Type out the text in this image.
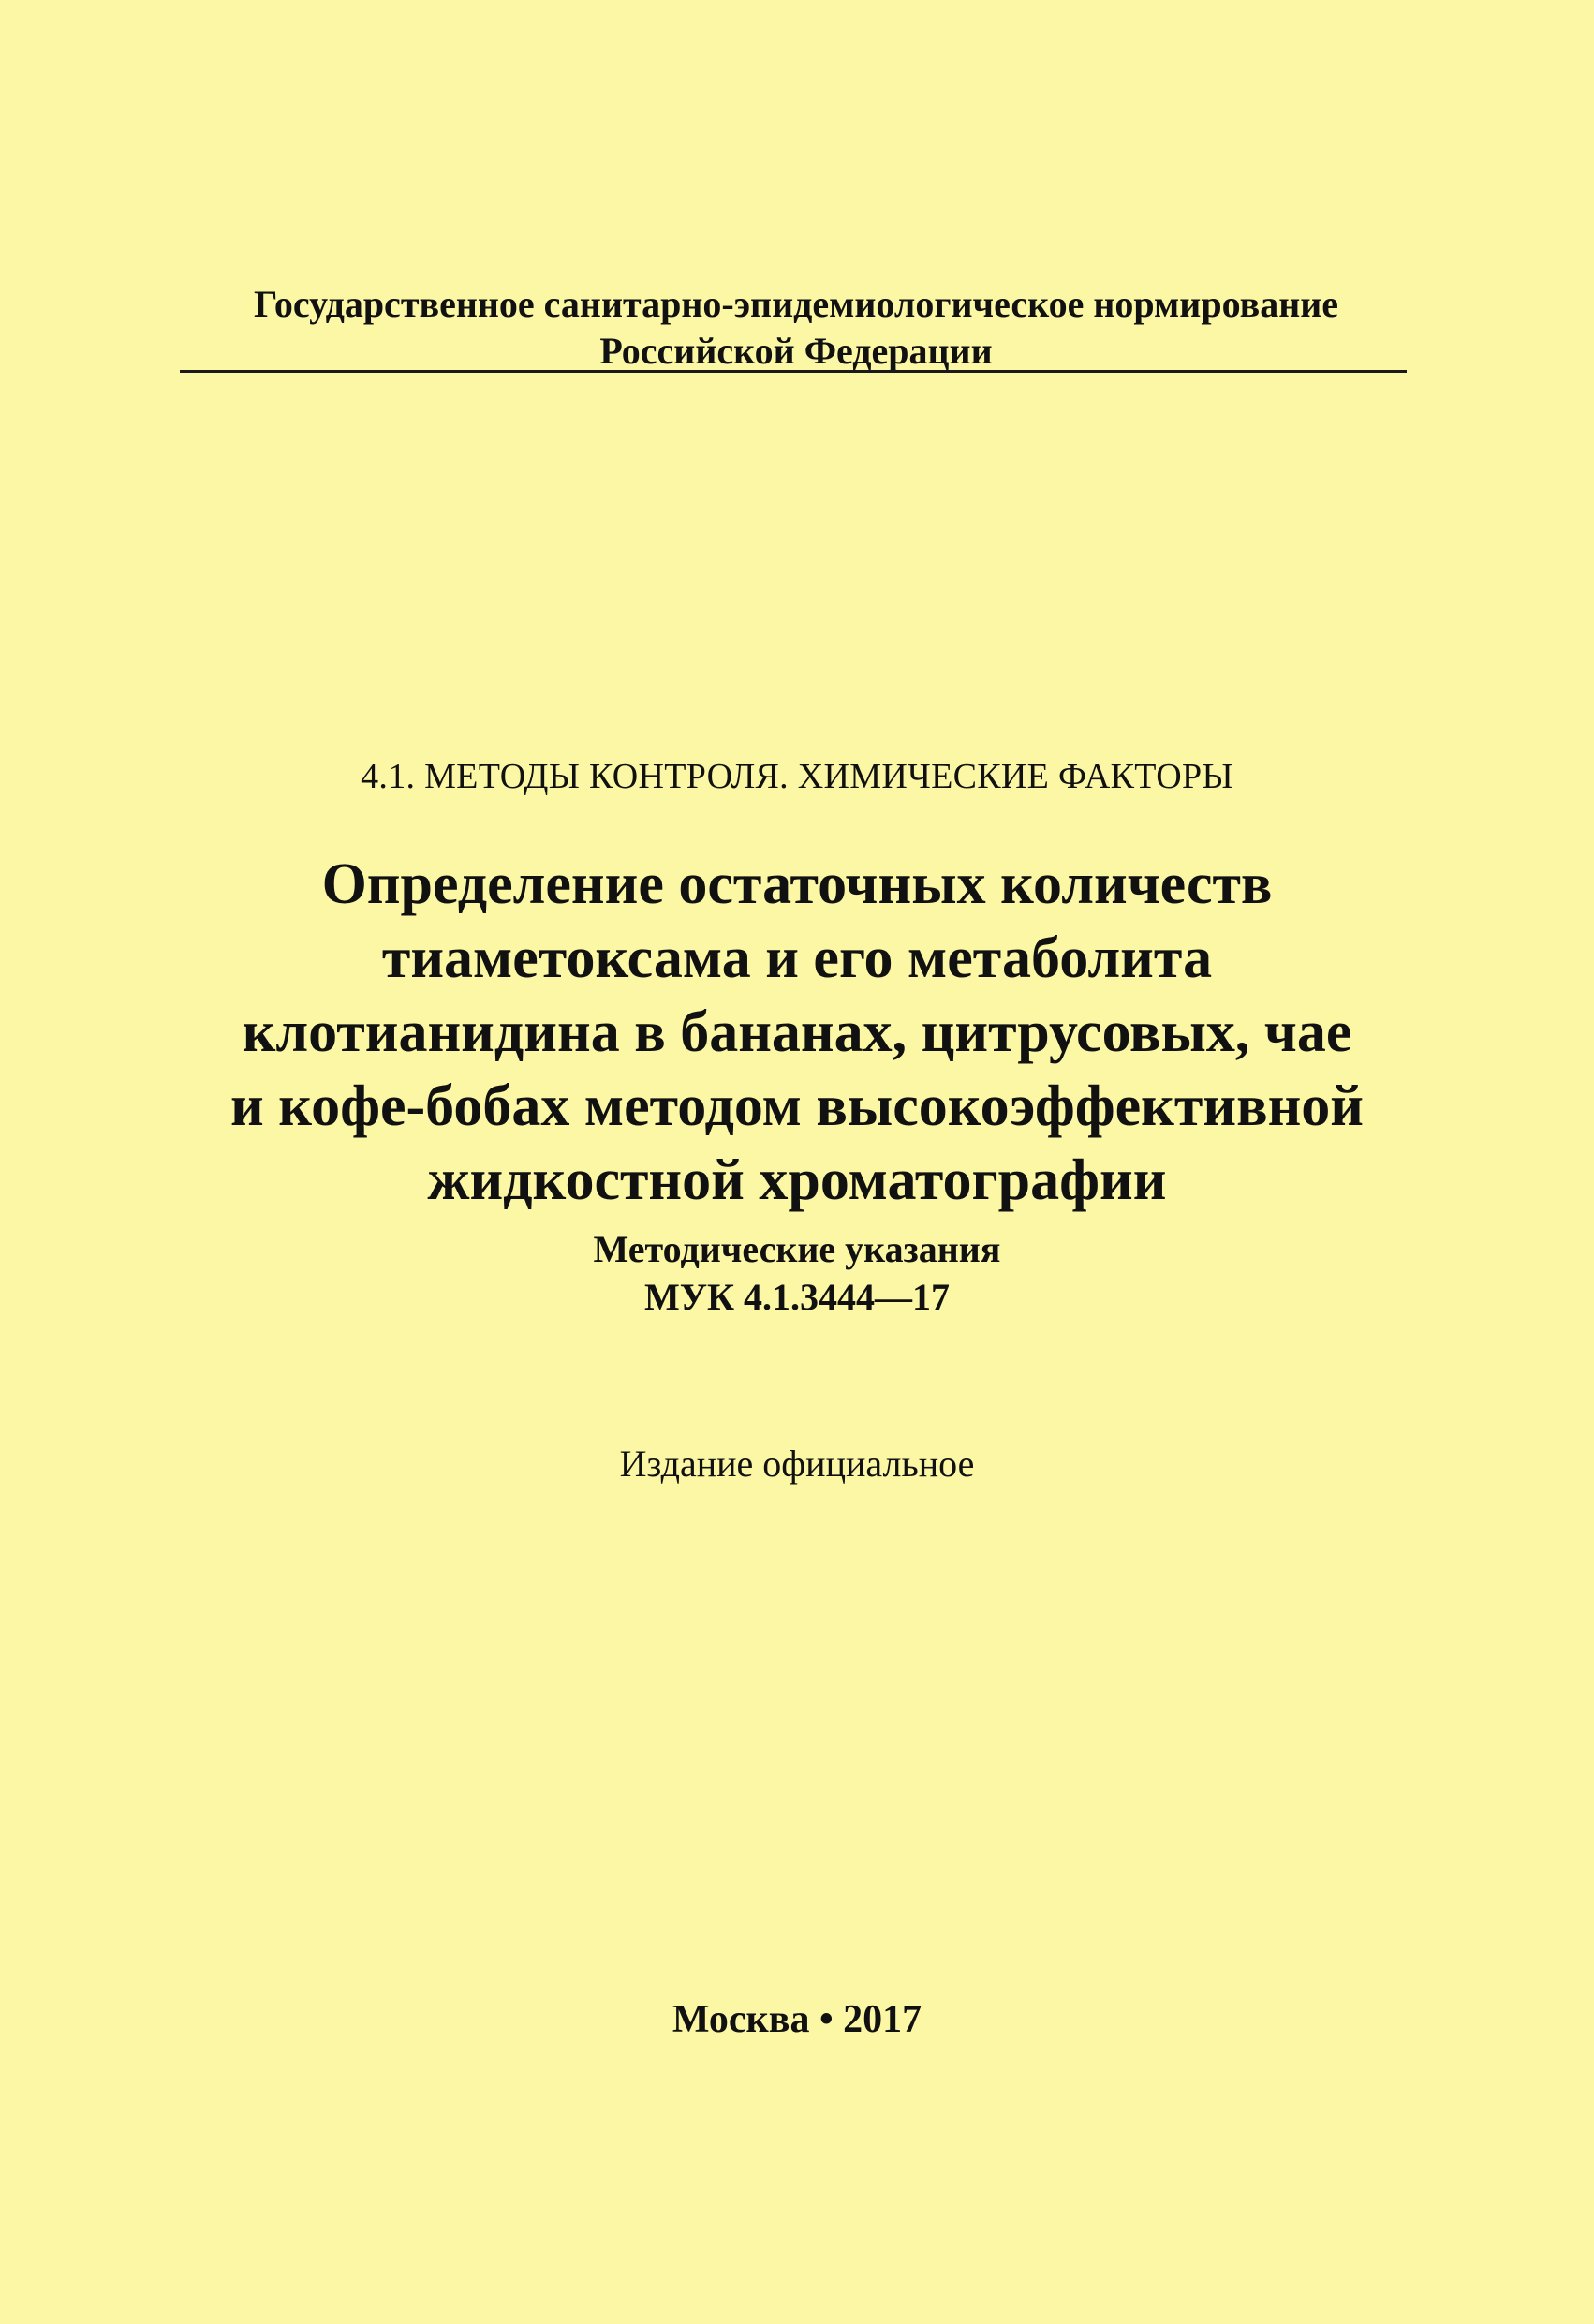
Государственное санитарно-эпидемиологическое нормирование
Российской Федерации
4.1. МЕТОДЫ КОНТРОЛЯ. ХИМИЧЕСКИЕ ФАКТОРЫ
Определение остаточных количеств
тиаметоксама и его метаболита
клотианидина в бананах, цитрусовых, чае
и кофе-бобах методом высокоэффективной
жидкостной хроматографии
Методические указания
МУК 4.1.3444—17
Издание официальное
Москва • 2017
